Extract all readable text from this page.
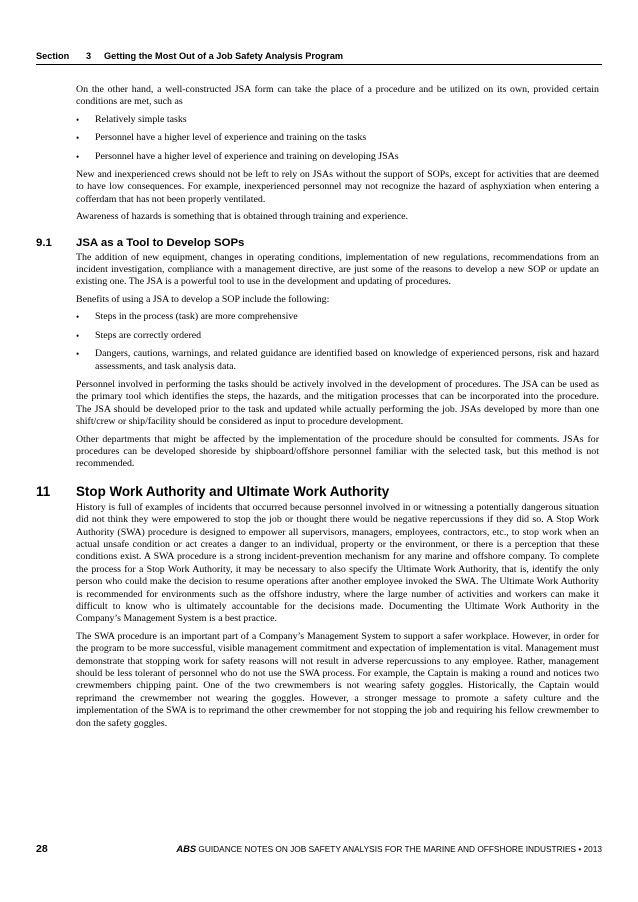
Section	3	Getting the Most Out of a Job Safety Analysis Program

On the other hand, a well-constructed JSA form can take the place of a procedure and be utilized on its own, provided certain conditions are met, such as

•	Relatively simple tasks
•	Personnel have a higher level of experience and training on the tasks
•	Personnel have a higher level of experience and training on developing JSAs

New and inexperienced crews should not be left to rely on JSAs without the support of SOPs, except for activities that are deemed to have low consequences. For example, inexperienced personnel may not recognize the hazard of asphyxiation when entering a cofferdam that has not been properly ventilated.

Awareness of hazards is something that is obtained through training and experience.

9.1	JSA as a Tool to Develop SOPs

The addition of new equipment, changes in operating conditions, implementation of new regulations, recommendations from an incident investigation, compliance with a management directive, are just some of the reasons to develop a new SOP or update an existing one. The JSA is a powerful tool to use in the development and updating of procedures.

Benefits of using a JSA to develop a SOP include the following:

•	Steps in the process (task) are more comprehensive
•	Steps are correctly ordered
•	Dangers, cautions, warnings, and related guidance are identified based on knowledge of experienced persons, risk and hazard assessments, and task analysis data.

Personnel involved in performing the tasks should be actively involved in the development of procedures. The JSA can be used as the primary tool which identifies the steps, the hazards, and the mitigation processes that can be incorporated into the procedure. The JSA should be developed prior to the task and updated while actually performing the job. JSAs developed by more than one shift/crew or ship/facility should be considered as input to procedure development.

Other departments that might be affected by the implementation of the procedure should be consulted for comments. JSAs for procedures can be developed shoreside by shipboard/offshore personnel familiar with the selected task, but this method is not recommended.

11	Stop Work Authority and Ultimate Work Authority

History is full of examples of incidents that occurred because personnel involved in or witnessing a potentially dangerous situation did not think they were empowered to stop the job or thought there would be negative repercussions if they did so. A Stop Work Authority (SWA) procedure is designed to empower all supervisors, managers, employees, contractors, etc., to stop work when an actual unsafe condition or act creates a danger to an individual, property or the environment, or there is a perception that these conditions exist. A SWA procedure is a strong incident-prevention mechanism for any marine and offshore company. To complete the process for a Stop Work Authority, it may be necessary to also specify the Ultimate Work Authority, that is, identify the only person who could make the decision to resume operations after another employee invoked the SWA. The Ultimate Work Authority is recommended for environments such as the offshore industry, where the large number of activities and workers can make it difficult to know who is ultimately accountable for the decisions made. Documenting the Ultimate Work Authority in the Company’s Management System is a best practice.

The SWA procedure is an important part of a Company’s Management System to support a safer workplace. However, in order for the program to be more successful, visible management commitment and expectation of implementation is vital. Management must demonstrate that stopping work for safety reasons will not result in adverse repercussions to any employee. Rather, management should be less tolerant of personnel who do not use the SWA process. For example, the Captain is making a round and notices two crewmembers chipping paint. One of the two crewmembers is not wearing safety goggles. Historically, the Captain would reprimand the crewmember not wearing the goggles. However, a stronger message to promote a safety culture and the implementation of the SWA is to reprimand the other crewmember for not stopping the job and requiring his fellow crewmember to don the safety goggles.

28	ABS GUIDANCE NOTES ON JOB SAFETY ANALYSIS FOR THE MARINE AND OFFSHORE INDUSTRIES • 2013
